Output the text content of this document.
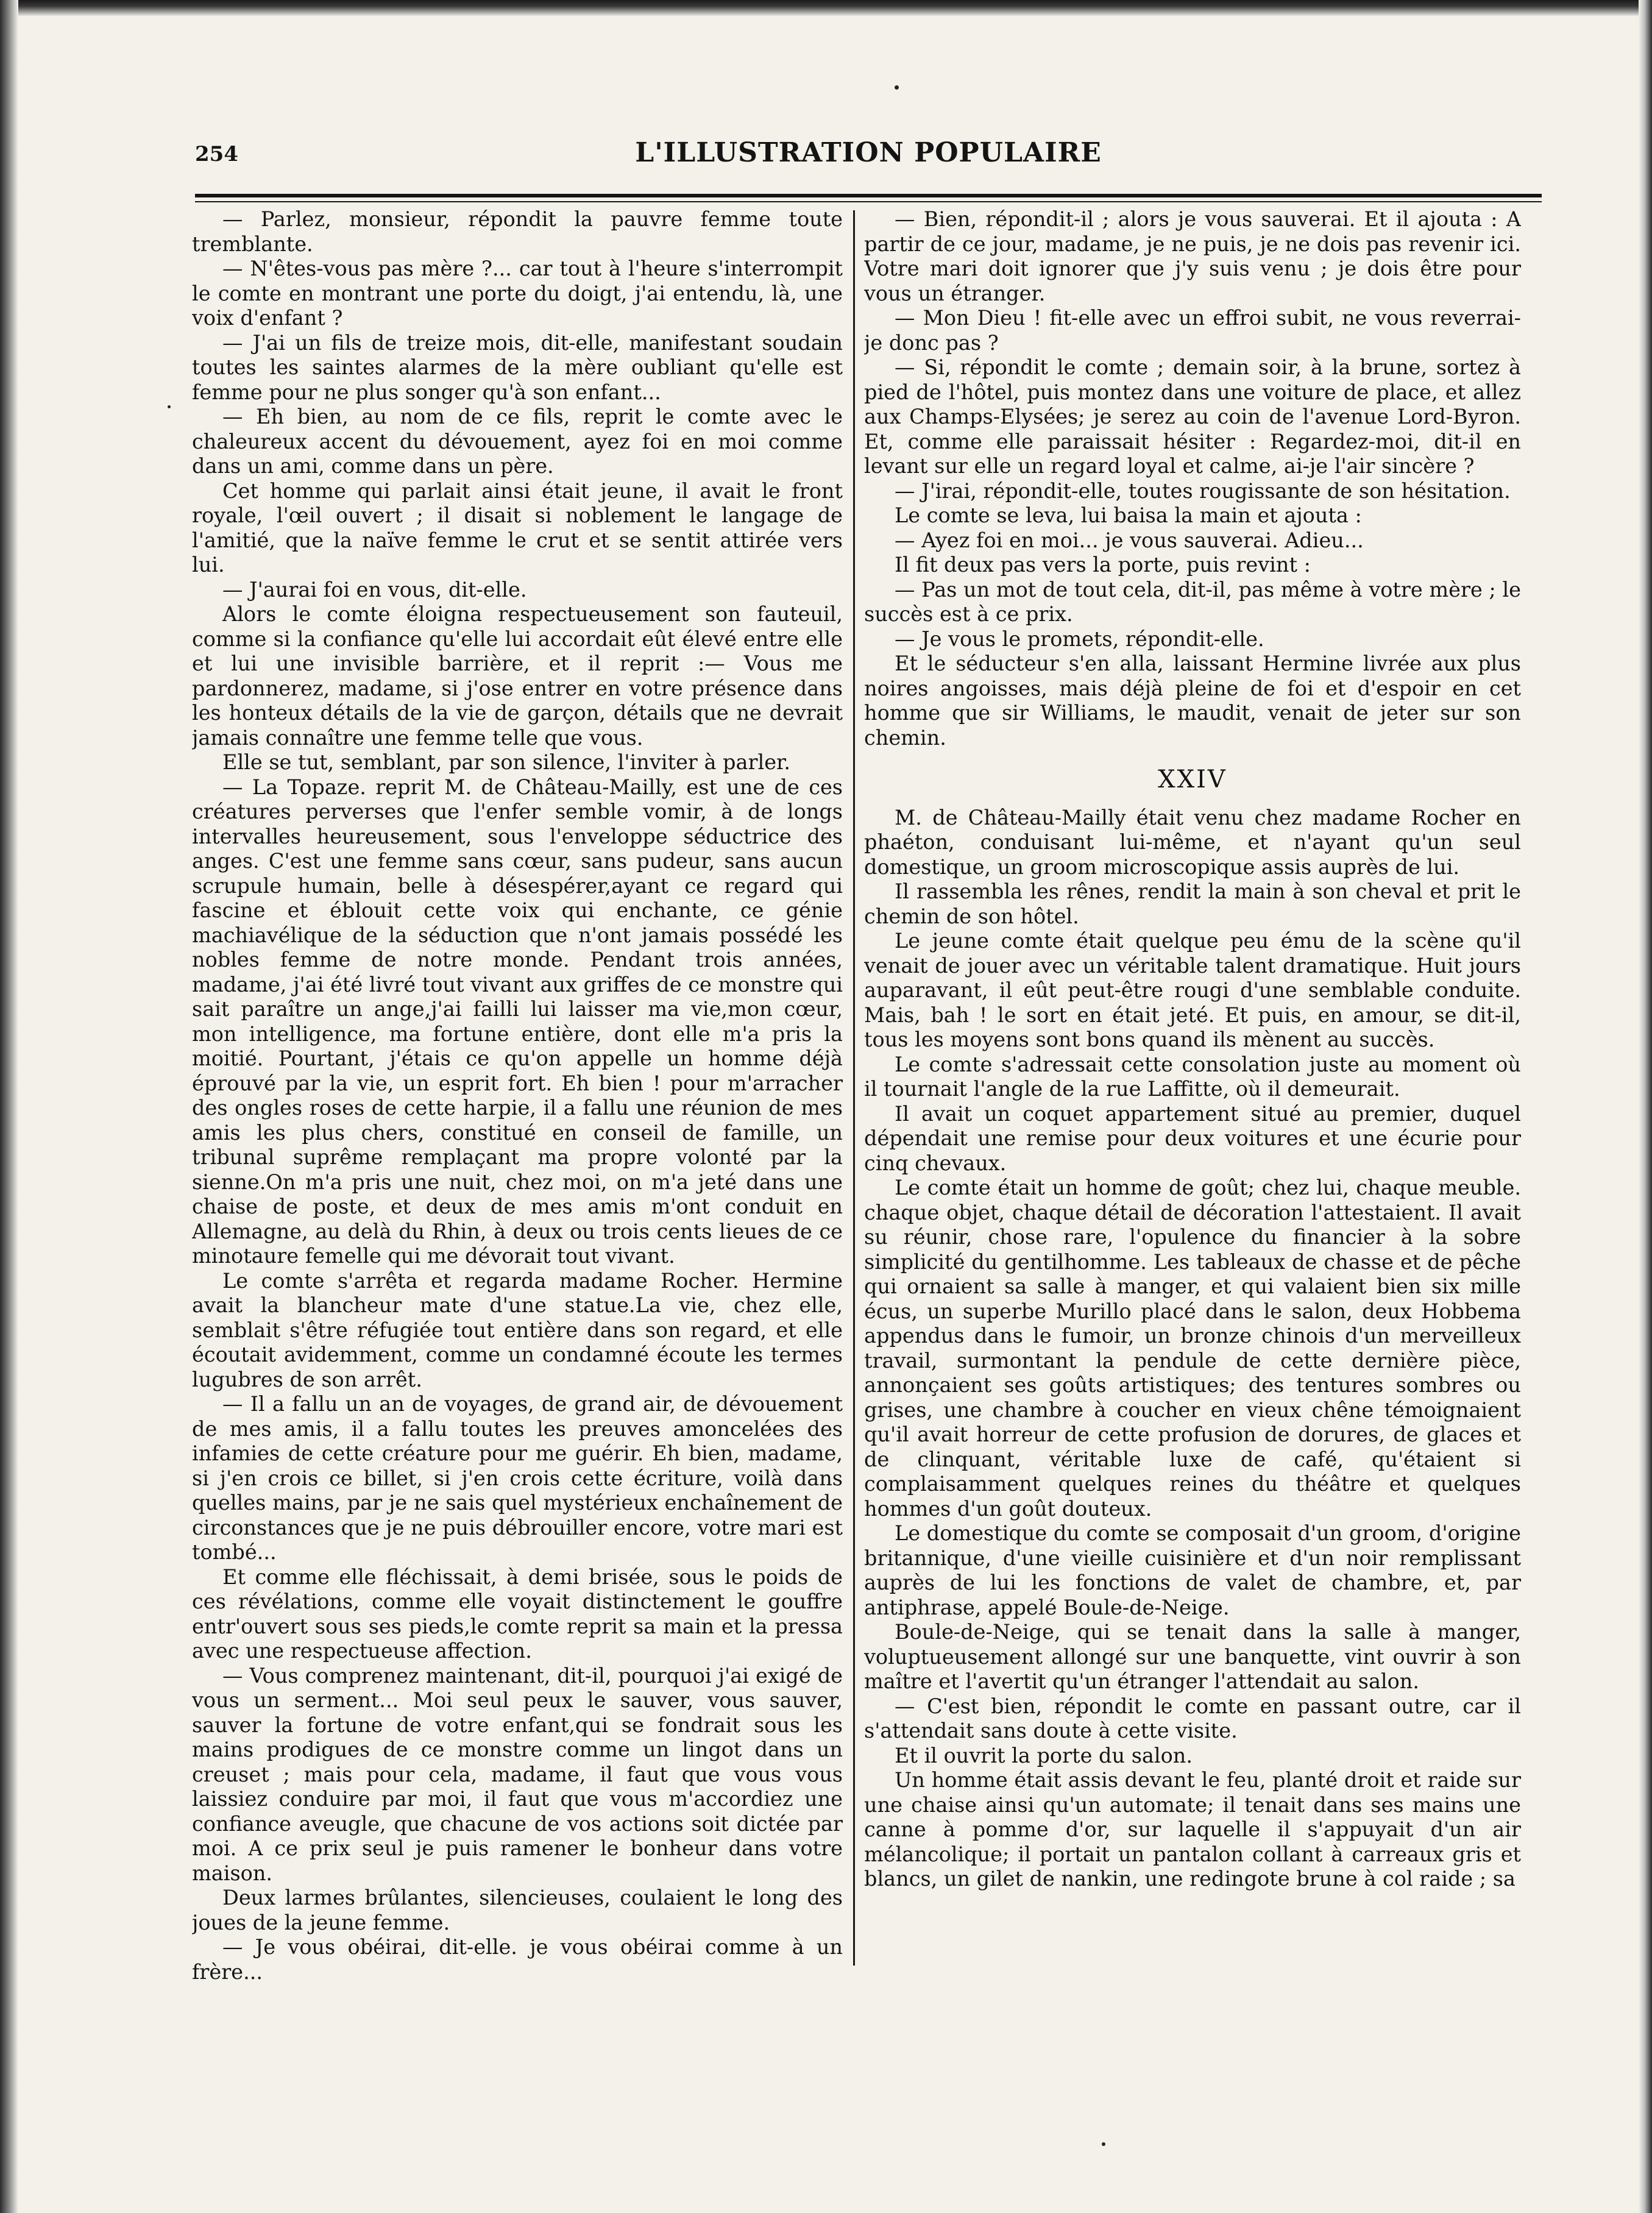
254	L'ILLUSTRATION POPULAIRE

— Parlez, monsieur, répondit la pauvre femme toute tremblante.

— N'êtes-vous pas mère ?... car tout à l'heure s'interrompit le comte en montrant une porte du doigt, j'ai entendu, là, une voix d'enfant ?

— J'ai un fils de treize mois, dit-elle, manifestant soudain toutes les saintes alarmes de la mère oubliant qu'elle est femme pour ne plus songer qu'à son enfant...

— Eh bien, au nom de ce fils, reprit le comte avec le chaleureux accent du dévouement, ayez foi en moi comme dans un ami, comme dans un père.

Cet homme qui parlait ainsi était jeune, il avait le front royale, l'œil ouvert ; il disait si noblement le langage de l'amitié, que la naïve femme le crut et se sentit attirée vers lui.

— J'aurai foi en vous, dit-elle.

Alors le comte éloigna respectueusement son fauteuil, comme si la confiance qu'elle lui accordait eût élevé entre elle et lui une invisible barrière, et il reprit :— Vous me pardonnerez, madame, si j'ose entrer en votre présence dans les honteux détails de la vie de garçon, détails que ne devrait jamais connaître une femme telle que vous.

Elle se tut, semblant, par son silence, l'inviter à parler.

— La Topaze. reprit M. de Château-Mailly, est une de ces créatures perverses que l'enfer semble vomir, à de longs intervalles heureusement, sous l'enveloppe séductrice des anges. C'est une femme sans cœur, sans pudeur, sans aucun scrupule humain, belle à désespérer,ayant ce regard qui fascine et éblouit cette voix qui enchante, ce génie machiavélique de la séduction que n'ont jamais possédé les nobles femme de notre monde. Pendant trois années, madame, j'ai été livré tout vivant aux griffes de ce monstre qui sait paraître un ange,j'ai failli lui laisser ma vie,mon cœur, mon intelligence, ma fortune entière, dont elle m'a pris la moitié. Pourtant, j'étais ce qu'on appelle un homme déjà éprouvé par la vie, un esprit fort. Eh bien ! pour m'arracher des ongles roses de cette harpie, il a fallu une réunion de mes amis les plus chers, constitué en conseil de famille, un tribunal suprême remplaçant ma propre volonté par la sienne.On m'a pris une nuit, chez moi, on m'a jeté dans une chaise de poste, et deux de mes amis m'ont conduit en Allemagne, au delà du Rhin, à deux ou trois cents lieues de ce minotaure femelle qui me dévorait tout vivant.

Le comte s'arrêta et regarda madame Rocher. Hermine avait la blancheur mate d'une statue.La vie, chez elle, semblait s'être réfugiée tout entière dans son regard, et elle écoutait avidemment, comme un condamné écoute les termes lugubres de son arrêt.

— Il a fallu un an de voyages, de grand air, de dévouement de mes amis, il a fallu toutes les preuves amoncelées des infamies de cette créature pour me guérir. Eh bien, madame, si j'en crois ce billet, si j'en crois cette écriture, voilà dans quelles mains, par je ne sais quel mystérieux enchaînement de circonstances que je ne puis débrouiller encore, votre mari est tombé...

Et comme elle fléchissait, à demi brisée, sous le poids de ces révélations, comme elle voyait distinctement le gouffre entr'ouvert sous ses pieds,le comte reprit sa main et la pressa avec une respectueuse affection.

— Vous comprenez maintenant, dit-il, pourquoi j'ai exigé de vous un serment... Moi seul peux le sauver, vous sauver, sauver la fortune de votre enfant,qui se fondrait sous les mains prodigues de ce monstre comme un lingot dans un creuset ; mais pour cela, madame, il faut que vous vous laissiez conduire par moi, il faut que vous m'accordiez une confiance aveugle, que chacune de vos actions soit dictée par moi. A ce prix seul je puis ramener le bonheur dans votre maison.

Deux larmes brûlantes, silencieuses, coulaient le long des joues de la jeune femme.

— Je vous obéirai, dit-elle. je vous obéirai comme à un frère...

— Bien, répondit-il ; alors je vous sauverai. Et il ajouta : A partir de ce jour, madame, je ne puis, je ne dois pas revenir ici. Votre mari doit ignorer que j'y suis venu ; je dois être pour vous un étranger.

— Mon Dieu ! fit-elle avec un effroi subit, ne vous reverrai-je donc pas ?

— Si, répondit le comte ; demain soir, à la brune, sortez à pied de l'hôtel, puis montez dans une voiture de place, et allez aux Champs-Elysées; je serez au coin de l'avenue Lord-Byron. Et, comme elle paraissait hésiter : Regardez-moi, dit-il en levant sur elle un regard loyal et calme, ai-je l'air sincère ?

— J'irai, répondit-elle, toutes rougissante de son hésitation.

Le comte se leva, lui baisa la main et ajouta :

— Ayez foi en moi... je vous sauverai. Adieu...

Il fit deux pas vers la porte, puis revint :

— Pas un mot de tout cela, dit-il, pas même à votre mère ; le succès est à ce prix.

— Je vous le promets, répondit-elle.

Et le séducteur s'en alla, laissant Hermine livrée aux plus noires angoisses, mais déjà pleine de foi et d'espoir en cet homme que sir Williams, le maudit, venait de jeter sur son chemin.

XXIV

M. de Château-Mailly était venu chez madame Rocher en phaéton, conduisant lui-même, et n'ayant qu'un seul domestique, un groom microscopique assis auprès de lui.

Il rassembla les rênes, rendit la main à son cheval et prit le chemin de son hôtel.

Le jeune comte était quelque peu ému de la scène qu'il venait de jouer avec un véritable talent dramatique. Huit jours auparavant, il eût peut-être rougi d'une semblable conduite. Mais, bah ! le sort en était jeté. Et puis, en amour, se dit-il, tous les moyens sont bons quand ils mènent au succès.

Le comte s'adressait cette consolation juste au moment où il tournait l'angle de la rue Laffitte, où il demeurait.

Il avait un coquet appartement situé au premier, duquel dépendait une remise pour deux voitures et une écurie pour cinq chevaux.

Le comte était un homme de goût; chez lui, chaque meuble. chaque objet, chaque détail de décoration l'attestaient. Il avait su réunir, chose rare, l'opulence du financier à la sobre simplicité du gentilhomme. Les tableaux de chasse et de pêche qui ornaient sa salle à manger, et qui valaient bien six mille écus, un superbe Murillo placé dans le salon, deux Hobbema appendus dans le fumoir, un bronze chinois d'un merveilleux travail, surmontant la pendule de cette dernière pièce, annonçaient ses goûts artistiques; des tentures sombres ou grises, une chambre à coucher en vieux chêne témoignaient qu'il avait horreur de cette profusion de dorures, de glaces et de clinquant, véritable luxe de café, qu'étaient si complaisamment quelques reines du théâtre et quelques hommes d'un goût douteux.

Le domestique du comte se composait d'un groom, d'origine britannique, d'une vieille cuisinière et d'un noir remplissant auprès de lui les fonctions de valet de chambre, et, par antiphrase, appelé Boule-de-Neige.

Boule-de-Neige, qui se tenait dans la salle à manger, voluptueusement allongé sur une banquette, vint ouvrir à son maître et l'avertit qu'un étranger l'attendait au salon.

— C'est bien, répondit le comte en passant outre, car il s'attendait sans doute à cette visite.

Et il ouvrit la porte du salon.

Un homme était assis devant le feu, planté droit et raide sur une chaise ainsi qu'un automate; il tenait dans ses mains une canne à pomme d'or, sur laquelle il s'appuyait d'un air mélancolique; il portait un pantalon collant à carreaux gris et blancs, un gilet de nankin, une redingote brune à col raide ; sa
